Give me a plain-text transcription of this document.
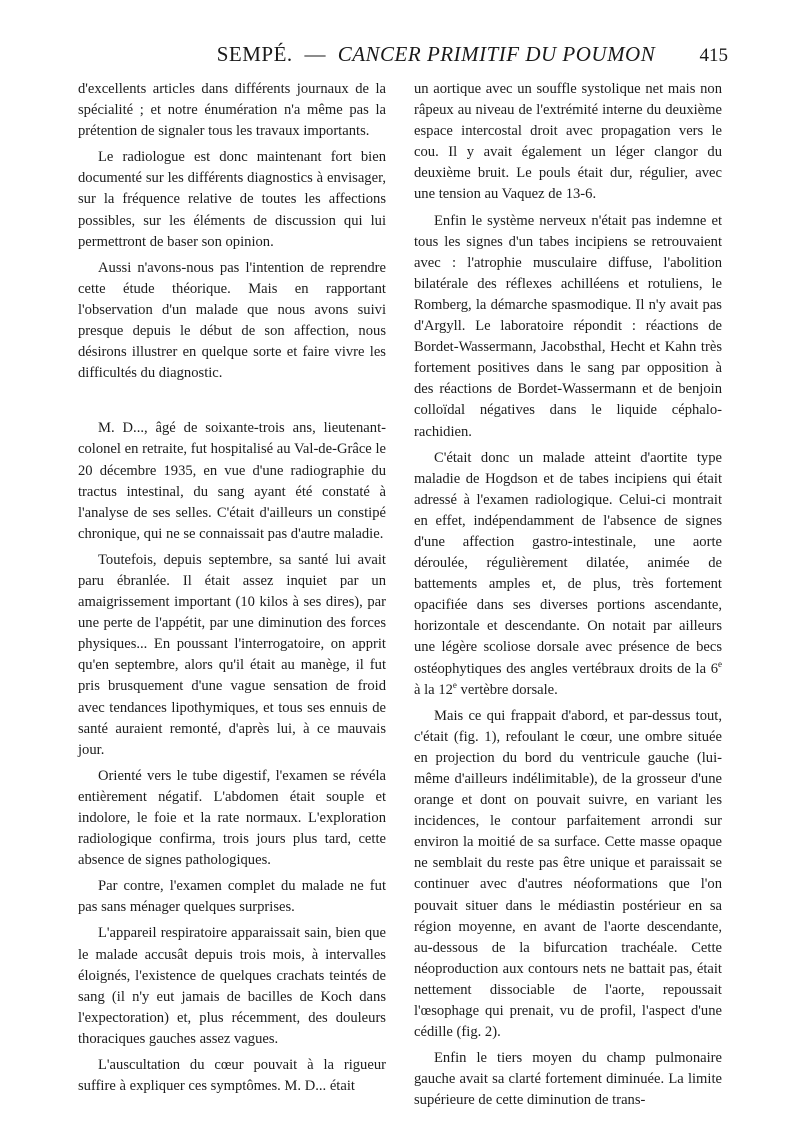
SEMPÉ. — CANCER PRIMITIF DU POUMON	415

d'excellents articles dans différents journaux de la spécialité ; et notre énumération n'a même pas la prétention de signaler tous les travaux importants.

Le radiologue est donc maintenant fort bien documenté sur les différents diagnostics à envisager, sur la fréquence relative de toutes les affections possibles, sur les éléments de discussion qui lui permettront de baser son opinion.

Aussi n'avons-nous pas l'intention de reprendre cette étude théorique. Mais en rapportant l'observation d'un malade que nous avons suivi presque depuis le début de son affection, nous désirons illustrer en quelque sorte et faire vivre les difficultés du diagnostic.

M. D..., âgé de soixante-trois ans, lieutenant-colonel en retraite, fut hospitalisé au Val-de-Grâce le 20 décembre 1935, en vue d'une radiographie du tractus intestinal, du sang ayant été constaté à l'analyse de ses selles. C'était d'ailleurs un constipé chronique, qui ne se connaissait pas d'autre maladie.

Toutefois, depuis septembre, sa santé lui avait paru ébranlée. Il était assez inquiet par un amaigrissement important (10 kilos à ses dires), par une perte de l'appétit, par une diminution des forces physiques... En poussant l'interrogatoire, on apprit qu'en septembre, alors qu'il était au manège, il fut pris brusquement d'une vague sensation de froid avec tendances lipothymiques, et tous ses ennuis de santé auraient remonté, d'après lui, à ce mauvais jour.

Orienté vers le tube digestif, l'examen se révéla entièrement négatif. L'abdomen était souple et indolore, le foie et la rate normaux. L'exploration radiologique confirma, trois jours plus tard, cette absence de signes pathologiques.

Par contre, l'examen complet du malade ne fut pas sans ménager quelques surprises.

L'appareil respiratoire apparaissait sain, bien que le malade accusât depuis trois mois, à intervalles éloignés, l'existence de quelques crachats teintés de sang (il n'y eut jamais de bacilles de Koch dans l'expectoration) et, plus récemment, des douleurs thoraciques gauches assez vagues.

L'auscultation du cœur pouvait à la rigueur suffire à expliquer ces symptômes. M. D... était

un aortique avec un souffle systolique net mais non râpeux au niveau de l'extrémité interne du deuxième espace intercostal droit avec propagation vers le cou. Il y avait également un léger clangor du deuxième bruit. Le pouls était dur, régulier, avec une tension au Vaquez de 13-6.

Enfin le système nerveux n'était pas indemne et tous les signes d'un tabes incipiens se retrouvaient avec : l'atrophie musculaire diffuse, l'abolition bilatérale des réflexes achilléens et rotuliens, le Romberg, la démarche spasmodique. Il n'y avait pas d'Argyll. Le laboratoire répondit : réactions de Bordet-Wassermann, Jacobsthal, Hecht et Kahn très fortement positives dans le sang par opposition à des réactions de Bordet-Wassermann et de benjoin colloïdal négatives dans le liquide céphalo-rachidien.

C'était donc un malade atteint d'aortite type maladie de Hogdson et de tabes incipiens qui était adressé à l'examen radiologique. Celui-ci montrait en effet, indépendamment de l'absence de signes d'une affection gastro-intestinale, une aorte déroulée, régulièrement dilatée, animée de battements amples et, de plus, très fortement opacifiée dans ses diverses portions ascendante, horizontale et descendante. On notait par ailleurs une légère scoliose dorsale avec présence de becs ostéophytiques des angles vertébraux droits de la 6e à la 12e vertèbre dorsale.

Mais ce qui frappait d'abord, et par-dessus tout, c'était (fig. 1), refoulant le cœur, une ombre située en projection du bord du ventricule gauche (lui-même d'ailleurs indélimitable), de la grosseur d'une orange et dont on pouvait suivre, en variant les incidences, le contour parfaitement arrondi sur environ la moitié de sa surface. Cette masse opaque ne semblait du reste pas être unique et paraissait se continuer avec d'autres néoformations que l'on pouvait situer dans le médiastin postérieur en sa région moyenne, en avant de l'aorte descendante, au-dessous de la bifurcation trachéale. Cette néoproduction aux contours nets ne battait pas, était nettement dissociable de l'aorte, repoussait l'œsophage qui prenait, vu de profil, l'aspect d'une cédille (fig. 2).

Enfin le tiers moyen du champ pulmonaire gauche avait sa clarté fortement diminuée. La limite supérieure de cette diminution de trans-
